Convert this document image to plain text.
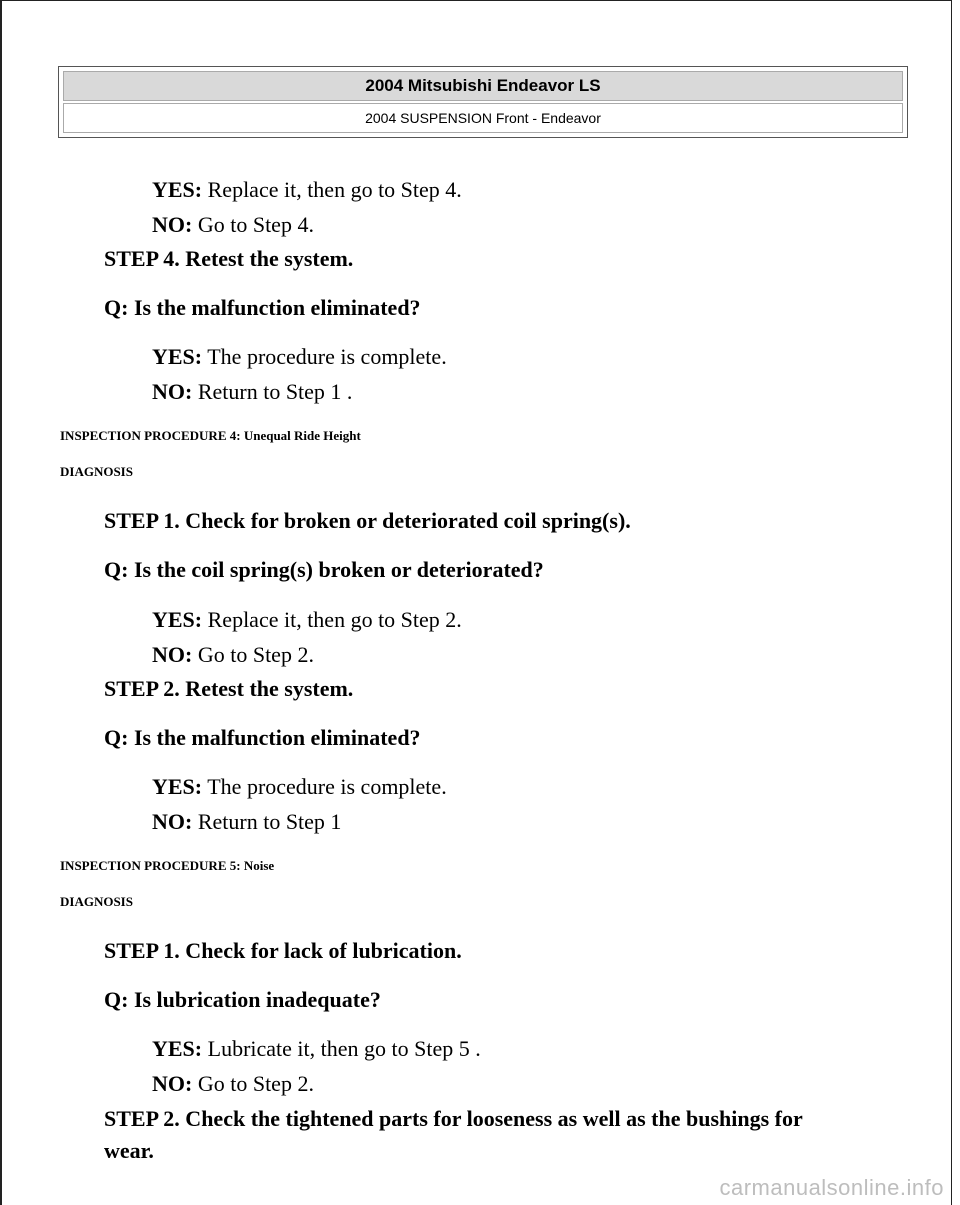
2004 Mitsubishi Endeavor LS
2004 SUSPENSION Front - Endeavor
YES: Replace it, then go to Step 4.
NO: Go to Step 4.
STEP 4. Retest the system.
Q: Is the malfunction eliminated?
YES: The procedure is complete.
NO: Return to Step 1 .
INSPECTION PROCEDURE 4: Unequal Ride Height
DIAGNOSIS
STEP 1. Check for broken or deteriorated coil spring(s).
Q: Is the coil spring(s) broken or deteriorated?
YES: Replace it, then go to Step 2.
NO: Go to Step 2.
STEP 2. Retest the system.
Q: Is the malfunction eliminated?
YES: The procedure is complete.
NO: Return to Step 1
INSPECTION PROCEDURE 5: Noise
DIAGNOSIS
STEP 1. Check for lack of lubrication.
Q: Is lubrication inadequate?
YES: Lubricate it, then go to Step 5 .
NO: Go to Step 2.
STEP 2. Check the tightened parts for looseness as well as the bushings for
wear.
carmanualsonline.info
